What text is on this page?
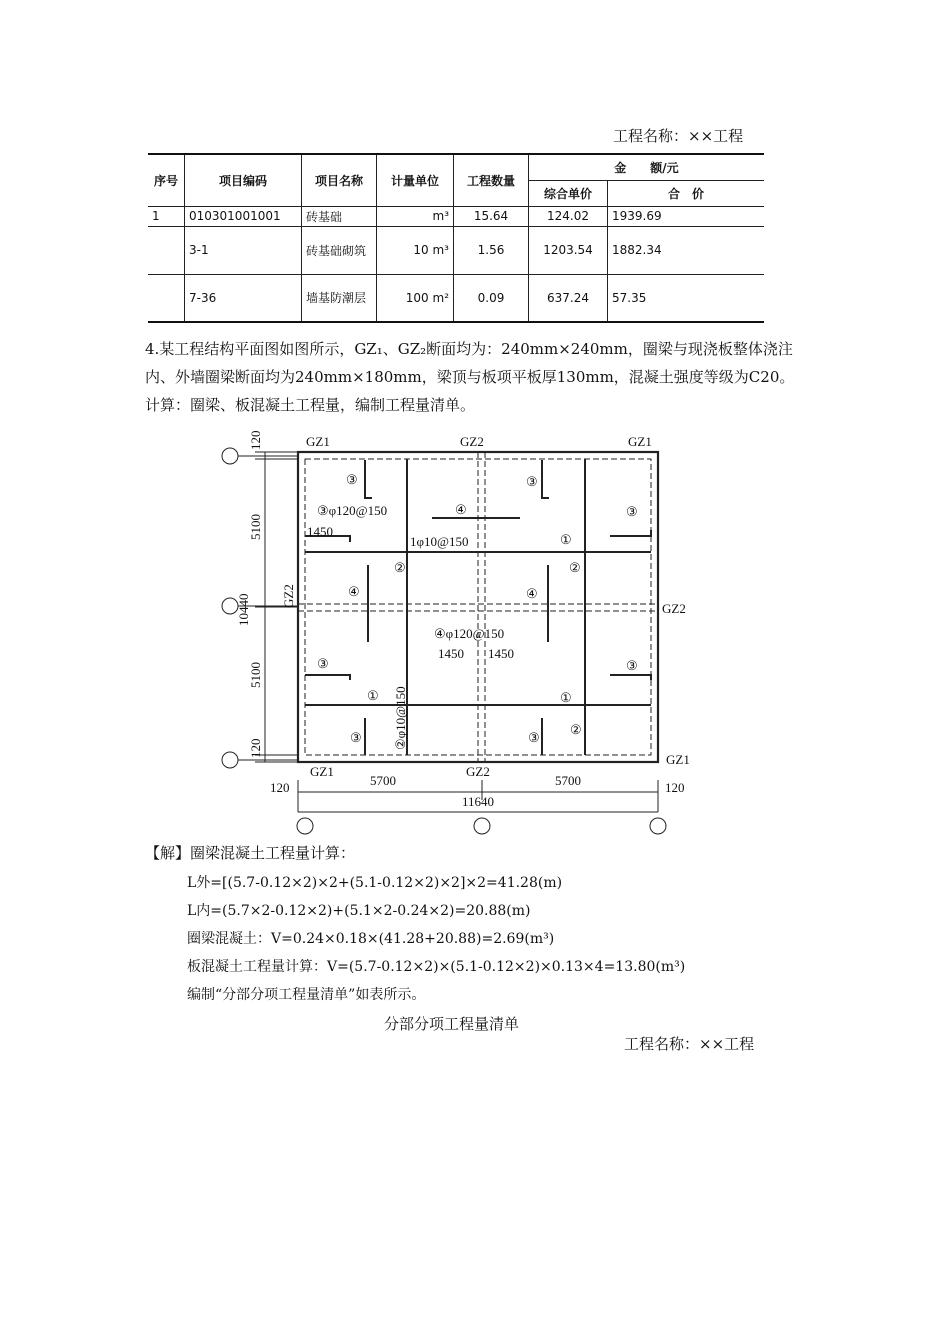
工程名称：××工程
序号	项目编码	项目名称	计量单位	工程数量	金　　额/元	
					综合单价	合　价
1	010301001001	砖基础	m³	15.64	124.02	1939.69
	3-1	砖基础砌筑	10 m³	1.56	1203.54	1882.34
	7-36	墙基防潮层	100 m²	0.09	637.24	57.35
4.某工程结构平面图如图所示，GZ₁、GZ₂断面均为：240mm×240mm，圈梁与现浇板整体浇注
内、外墙圈梁断面均为240mm×180mm，梁顶与板项平板厚130mm，混凝土强度等级为C20。
计算：圈梁、板混凝土工程量，编制工程量清单。
GZ1	GZ2	GZ1
GZ2
GZ1
GZ1	GZ2
120	120
5700	5700
11640
③φ120@150
1φ10@150
④φ120@150
1450
1450 1450
③	③
③
④
①
②	②
④	④
③	③
①	①
③	③
②
5100
5100
10440
120
120
GZ2
②φ10@150
【解】圈梁混凝土工程量计算：
L外=[(5.7-0.12×2)×2+(5.1-0.12×2)×2]×2=41.28(m)
L内=(5.7×2-0.12×2)+(5.1×2-0.24×2)=20.88(m)
圈梁混凝土：V=0.24×0.18×(41.28+20.88)=2.69(m³)
板混凝土工程量计算：V=(5.7-0.12×2)×(5.1-0.12×2)×0.13×4=13.80(m³)
编制“分部分项工程量清单”如表所示。
分部分项工程量清单
工程名称：××工程
